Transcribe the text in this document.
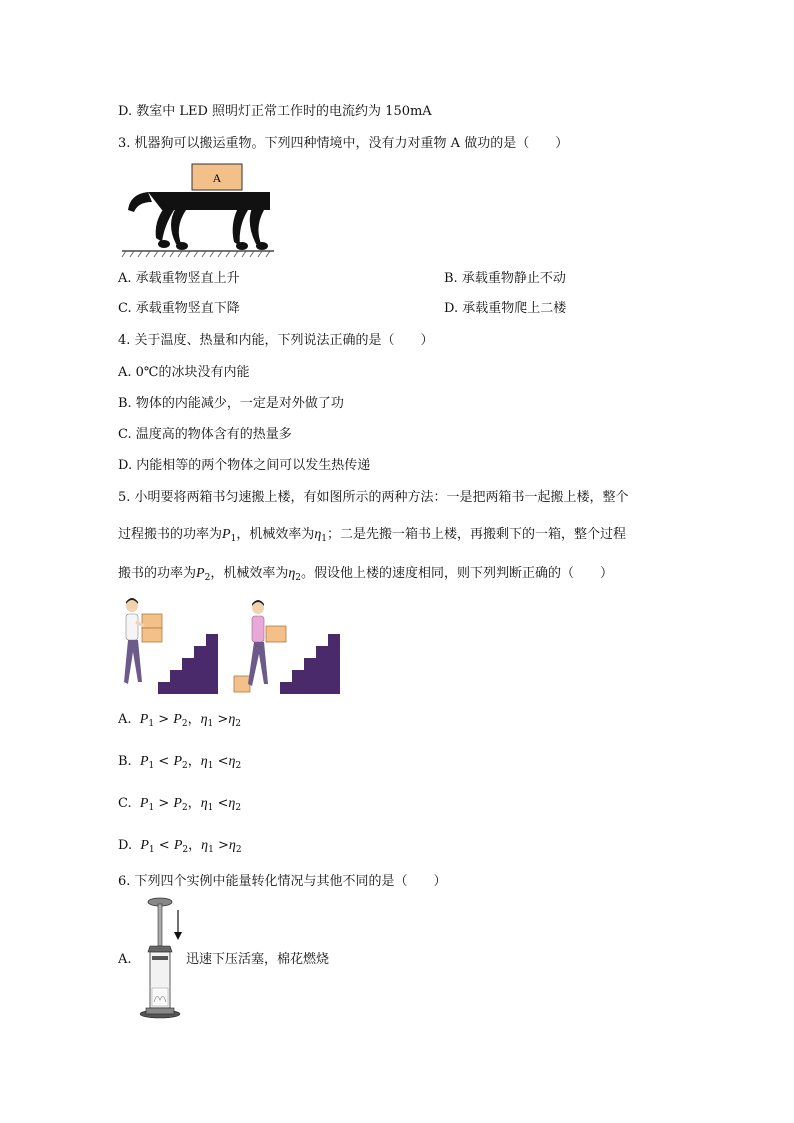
D. 教室中 LED 照明灯正常工作时的电流约为 150mA
3. 机器狗可以搬运重物。下列四种情境中，没有力对重物 A 做功的是（　　）
A
A. 承载重物竖直上升	B. 承载重物静止不动
C. 承载重物竖直下降	D. 承载重物爬上二楼
4. 关于温度、热量和内能，下列说法正确的是（　　）
A. 0℃的冰块没有内能
B. 物体的内能减少，一定是对外做了功
C. 温度高的物体含有的热量多
D. 内能相等的两个物体之间可以发生热传递
5. 小明要将两箱书匀速搬上楼，有如图所示的两种方法：一是把两箱书一起搬上楼，整个
过程搬书的功率为$P_1$，机械效率为$\eta_1$；二是先搬一箱书上楼，再搬剩下的一箱，整个过程
搬书的功率为$P_2$，机械效率为$\eta_2$。假设他上楼的速度相同，则下列判断正确的（　　）
A. $P_1 > P_2$，$\eta_1 >\eta_2$
B. $P_1 < P_2$，$\eta_1 <\eta_2$
C. $P_1 > P_2$，$\eta_1 <\eta_2$
D. $P_1 < P_2$，$\eta_1 >\eta_2$
6. 下列四个实例中能量转化情况与其他不同的是（　　）
A.	迅速下压活塞，棉花燃烧
